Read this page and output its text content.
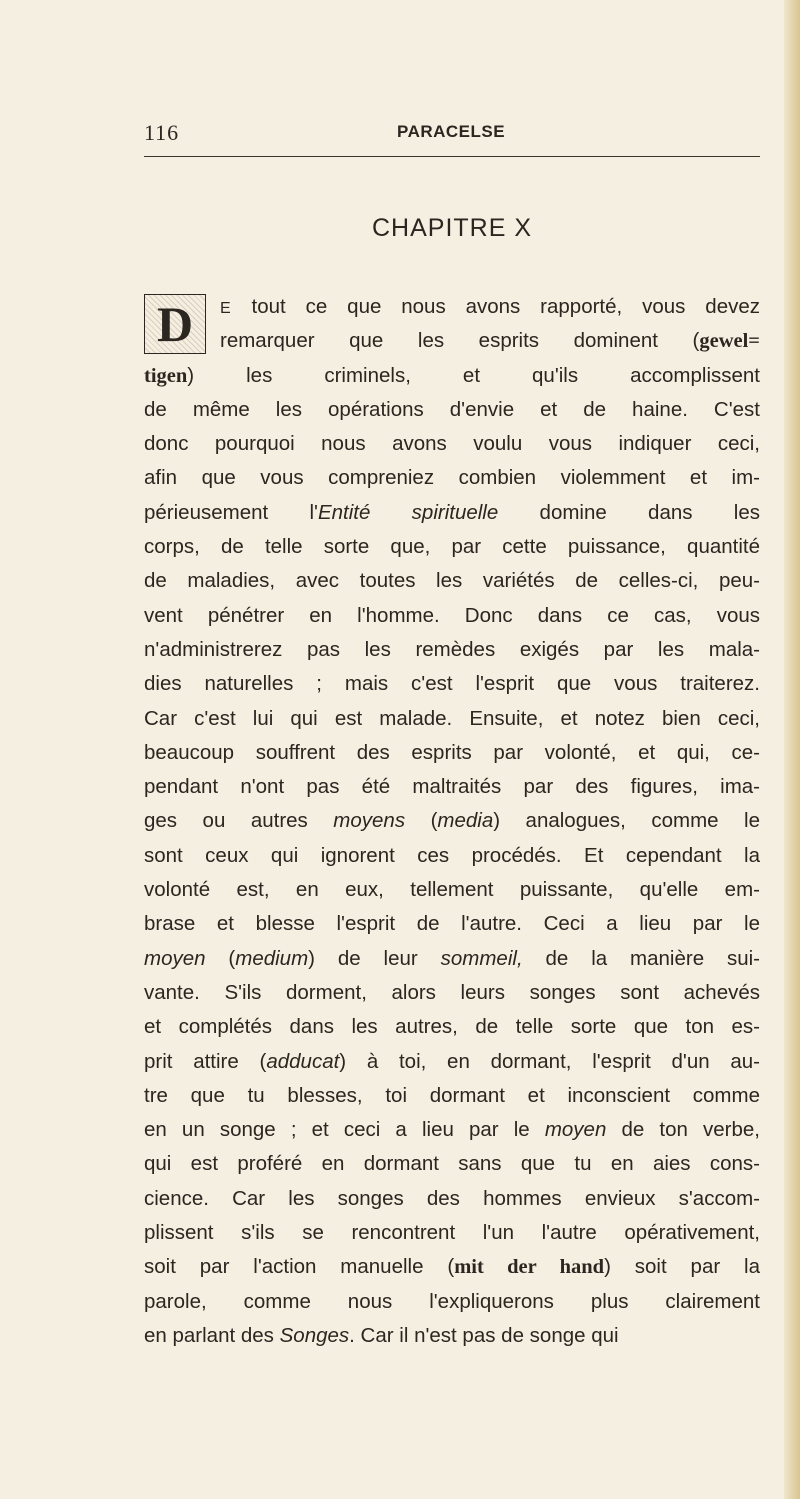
116	PARACELSE
CHAPITRE X
D	E tout ce que nous avons rapporté, vous devez
remarquer que les esprits dominent (gewel=
tigen) les criminels, et qu'ils accomplissent
de même les opérations d'envie et de haine. C'est
donc pourquoi nous avons voulu vous indiquer ceci,
afin que vous compreniez combien violemment et im-
périeusement l'Entité spirituelle domine dans les
corps, de telle sorte que, par cette puissance, quantité
de maladies, avec toutes les variétés de celles-ci, peu-
vent pénétrer en l'homme. Donc dans ce cas, vous
n'administrerez pas les remèdes exigés par les mala-
dies naturelles ; mais c'est l'esprit que vous traiterez.
Car c'est lui qui est malade. Ensuite, et notez bien ceci,
beaucoup souffrent des esprits par volonté, et qui, ce-
pendant n'ont pas été maltraités par des figures, ima-
ges ou autres moyens (media) analogues, comme le
sont ceux qui ignorent ces procédés. Et cependant la
volonté est, en eux, tellement puissante, qu'elle em-
brase et blesse l'esprit de l'autre. Ceci a lieu par le
moyen (medium) de leur sommeil, de la manière sui-
vante. S'ils dorment, alors leurs songes sont achevés
et complétés dans les autres, de telle sorte que ton es-
prit attire (adducat) à toi, en dormant, l'esprit d'un au-
tre que tu blesses, toi dormant et inconscient comme
en un songe ; et ceci a lieu par le moyen de ton verbe,
qui est proféré en dormant sans que tu en aies cons-
cience. Car les songes des hommes envieux s'accom-
plissent s'ils se rencontrent l'un l'autre opérativement,
soit par l'action manuelle (mit der hand) soit par la
parole, comme nous l'expliquerons plus clairement
en parlant des Songes. Car il n'est pas de songe qui
